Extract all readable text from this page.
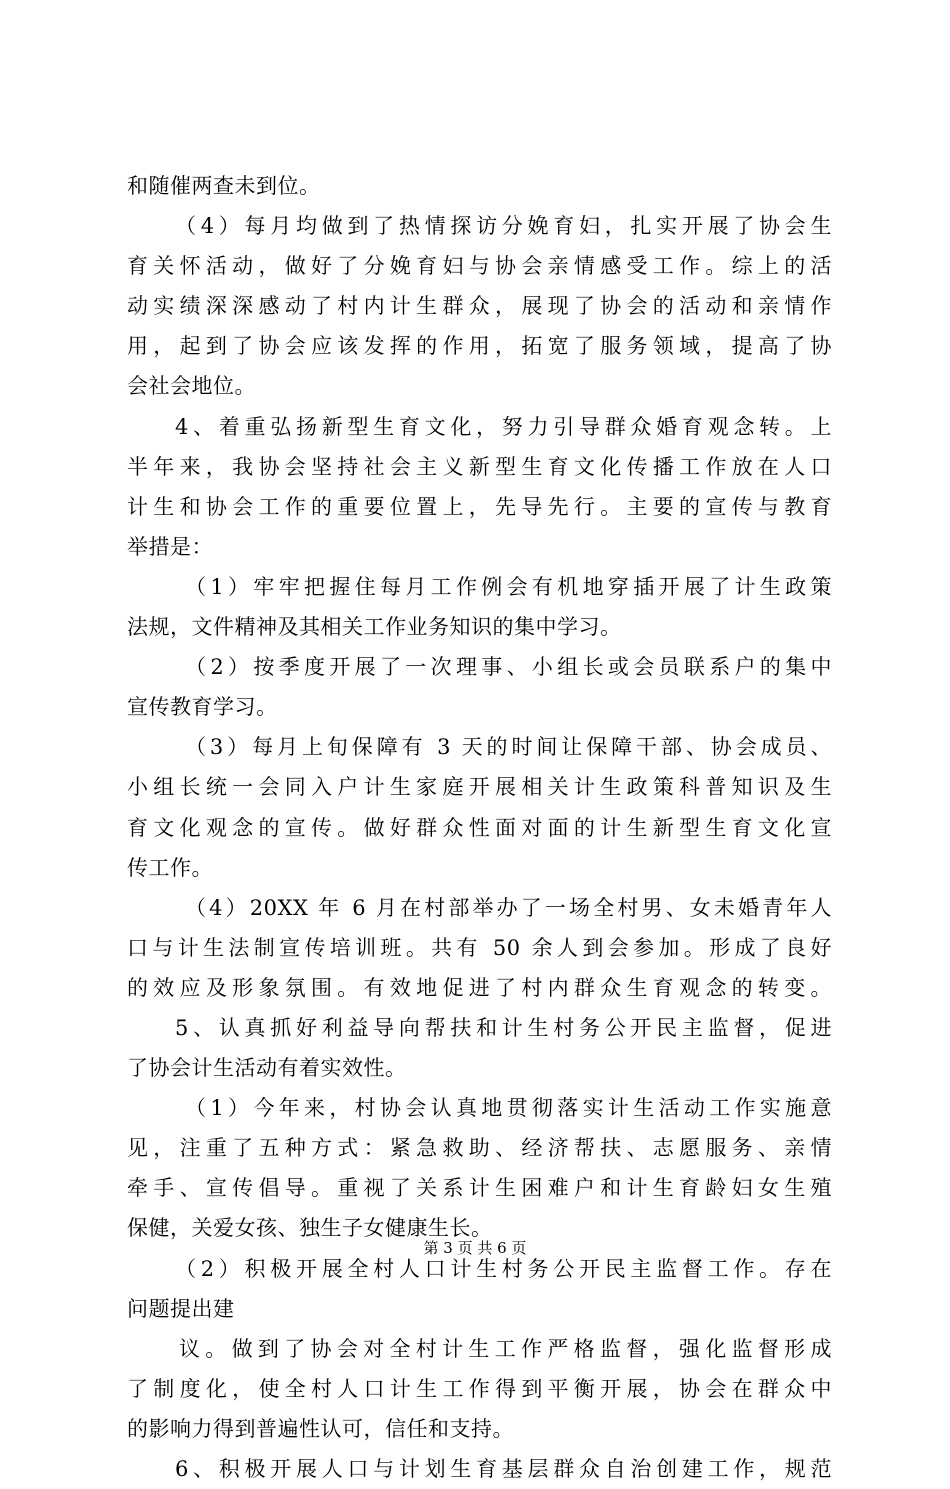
和随催两查未到位。
（4）每月均做到了热情探访分娩育妇，扎实开展了协会生
育关怀活动，做好了分娩育妇与协会亲情感受工作。综上的活
动实绩深深感动了村内计生群众，展现了协会的活动和亲情作
用，起到了协会应该发挥的作用，拓宽了服务领域，提高了协
会社会地位。
4、着重弘扬新型生育文化，努力引导群众婚育观念转。上
半年来，我协会坚持社会主义新型生育文化传播工作放在人口
计生和协会工作的重要位置上，先导先行。主要的宣传与教育
举措是：
（1）牢牢把握住每月工作例会有机地穿插开展了计生政策
法规，文件精神及其相关工作业务知识的集中学习。
（2）按季度开展了一次理事、小组长或会员联系户的集中
宣传教育学习。
（3）每月上旬保障有 3 天的时间让保障干部、协会成员、
小组长统一会同入户计生家庭开展相关计生政策科普知识及生
育文化观念的宣传。做好群众性面对面的计生新型生育文化宣
传工作。
（4）20XX 年 6 月在村部举办了一场全村男、女未婚青年人
口与计生法制宣传培训班。共有 50 余人到会参加。形成了良好
的效应及形象氛围。有效地促进了村内群众生育观念的转变。
5、认真抓好利益导向帮扶和计生村务公开民主监督，促进
了协会计生活动有着实效性。
（1）今年来，村协会认真地贯彻落实计生活动工作实施意
见，注重了五种方式：紧急救助、经济帮扶、志愿服务、亲情
牵手、宣传倡导。重视了关系计生困难户和计生育龄妇女生殖
保健，关爱女孩、独生子女健康生长。
（2）积极开展全村人口计生村务公开民主监督工作。存在
问题提出建
议。做到了协会对全村计生工作严格监督，强化监督形成
了制度化，使全村人口计生工作得到平衡开展，协会在群众中
的影响力得到普遍性认可，信任和支持。
6、积极开展人口与计划生育基层群众自治创建工作，规范
第 3 页 共 6 页
